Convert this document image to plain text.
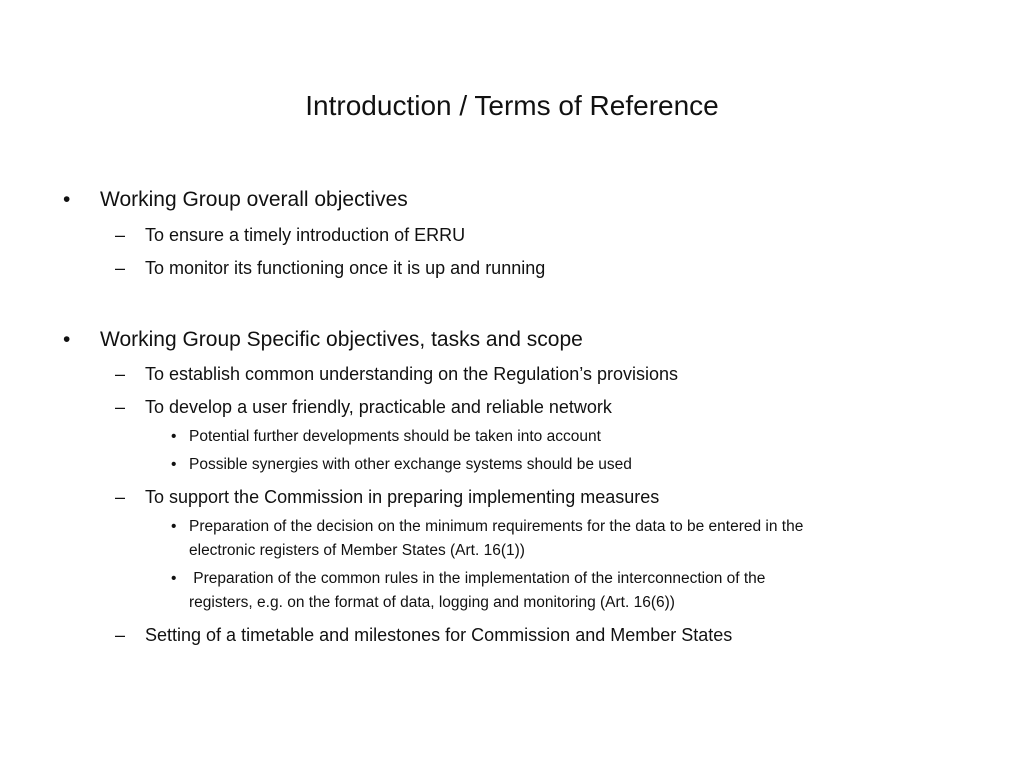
Introduction / Terms of Reference
• Working Group overall objectives
– To ensure a timely introduction of ERRU
– To monitor its functioning once it is up and running
• Working Group Specific objectives, tasks and scope
– To establish common understanding on the Regulation’s provisions
– To develop a user friendly, practicable and reliable network
• Potential further developments should be taken into account
• Possible synergies with other exchange systems should be used
– To support the Commission in preparing implementing measures
• Preparation of the decision on the minimum requirements for the data to be entered in the
electronic registers of Member States (Art. 16(1))
• Preparation of the common rules in the implementation of the interconnection of the
registers, e.g. on the format of data, logging and monitoring (Art. 16(6))
– Setting of a timetable and milestones for Commission and Member States
